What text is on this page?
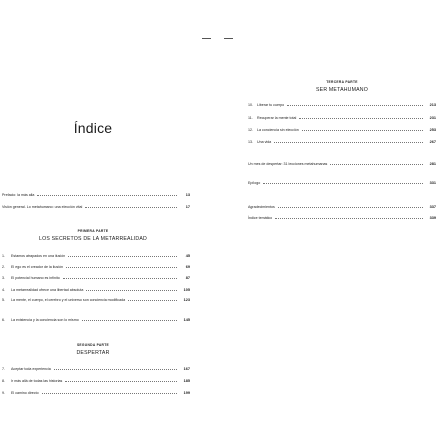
Índice
Prefacio: la más alla	13
Visión general. Lo metahumano: una elección vital	17
PRIMERA PARTE
LOS SECRETOS DE LA METARREALIDAD
1.	Estamos atrapados en una ilusión	45
2.	El ego es el creador de la ilusión	69
3.	El potencial humano es infinito	87
4.	La metarrealidad ofrece una libertad absoluta	105
5.	La mente, el cuerpo, el cerebro y el universo son conciencia modificada	123
6.	La existencia y la conciencia son lo mismo	145
SEGUNDA PARTE
DESPERTAR
7.	Aceptar toda experiencia	167
8.	Ir más allá de todas las historias	185
9.	El camino directo	199
TERCERA PARTE
SER METAHUMANO
10.	Liberar tu cuerpo	213
11.	Recuperar la mente total	231
12.	La conciencia sin elección	253
13.	Una vida	267
Un mes de despertar: 31 lecciones metahumanas	281
Epílogo	331
Agradecimientos	337
Índice temático	339
